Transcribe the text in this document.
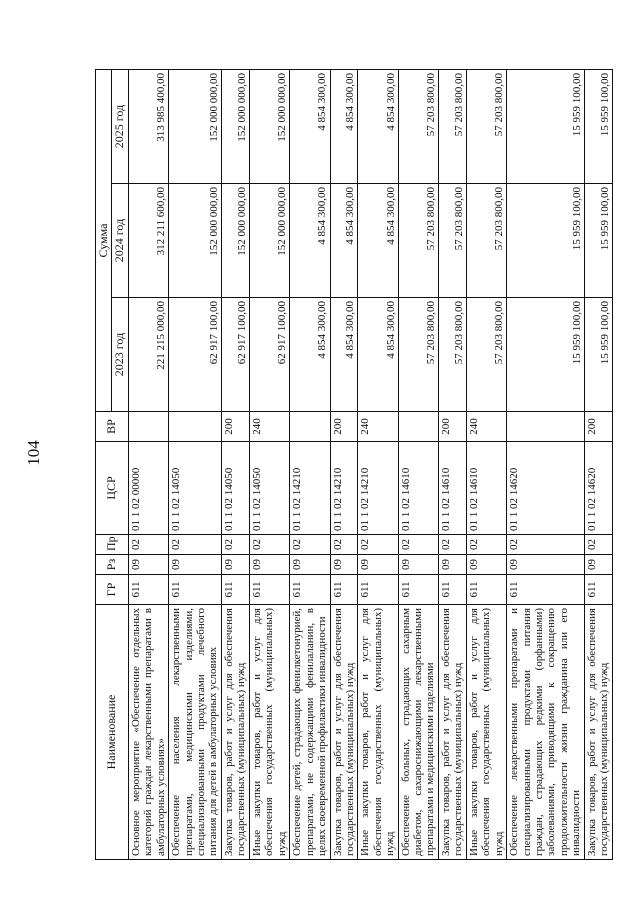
104
Наименование	ГР	Рз	Пр	ЦСР	ВР	Сумма		
						2023 год	2024 год	2025 год
Основное мероприятие «Обеспечение отдельных категорий граждан лекарственными препаратами в амбулаторных условиях»	611	09	02	01 1 02 00000		221 215 000,00	312 211 600,00	313 985 400,00
Обеспечение населения лекарственными препаратами, медицинскими изделиями, специализированными продуктами лечебного питания для детей в амбулаторных условиях	611	09	02	01 1 02 14050		62 917 100,00	152 000 000,00	152 000 000,00
Закупка товаров, работ и услуг для обеспечения государственных (муниципальных) нужд	611	09	02	01 1 02 14050	200	62 917 100,00	152 000 000,00	152 000 000,00
Иные закупки товаров, работ и услуг для обеспечения государственных (муниципальных) нужд	611	09	02	01 1 02 14050	240	62 917 100,00	152 000 000,00	152 000 000,00
Обеспечение детей, страдающих фенилкетонурией, препаратами, не содержащими фенилаланин, в целях своевременной профилактики инвалидности	611	09	02	01 1 02 14210		4 854 300,00	4 854 300,00	4 854 300,00
Закупка товаров, работ и услуг для обеспечения государственных (муниципальных) нужд	611	09	02	01 1 02 14210	200	4 854 300,00	4 854 300,00	4 854 300,00
Иные закупки товаров, работ и услуг для обеспечения государственных (муниципальных) нужд	611	09	02	01 1 02 14210	240	4 854 300,00	4 854 300,00	4 854 300,00
Обеспечение больных, страдающих сахарным диабетом, сахароснижающими лекарственными препаратами и медицинскими изделиями	611	09	02	01 1 02 14610		57 203 800,00	57 203 800,00	57 203 800,00
Закупка товаров, работ и услуг для обеспечения государственных (муниципальных) нужд	611	09	02	01 1 02 14610	200	57 203 800,00	57 203 800,00	57 203 800,00
Иные закупки товаров, работ и услуг для обеспечения государственных (муниципальных) нужд	611	09	02	01 1 02 14610	240	57 203 800,00	57 203 800,00	57 203 800,00
Обеспечение лекарственными препаратами и специализированными продуктами питания граждан, страдающих редкими (орфанными) заболеваниями, приводящими к сокращению продолжительности жизни гражданина или его инвалидности	611	09	02	01 1 02 14620		15 959 100,00	15 959 100,00	15 959 100,00
Закупка товаров, работ и услуг для обеспечения государственных (муниципальных) нужд	611	09	02	01 1 02 14620	200	15 959 100,00	15 959 100,00	15 959 100,00
